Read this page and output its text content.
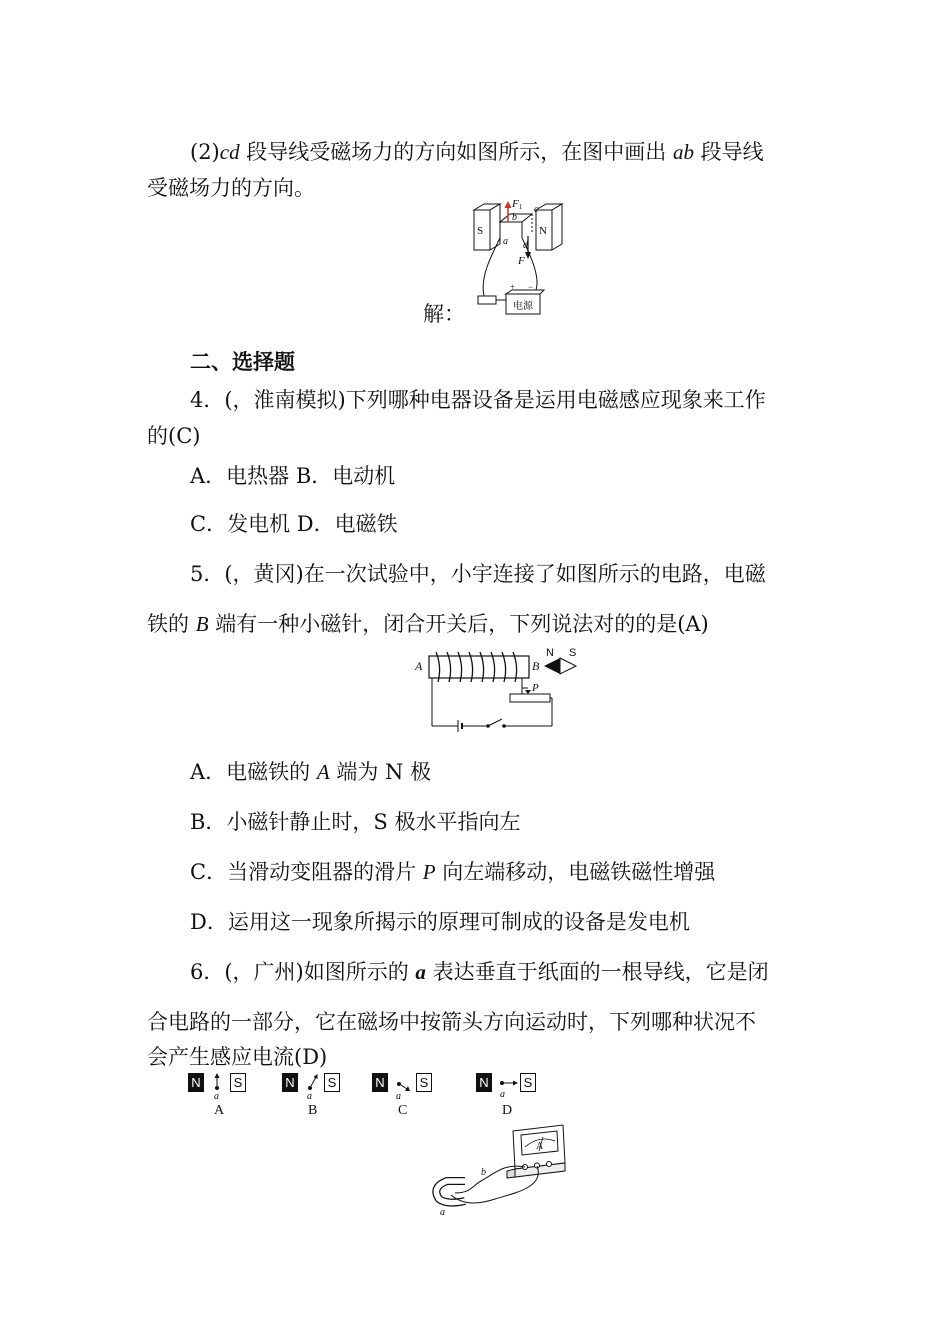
(2)cd 段导线受磁场力的方向如图所示，在图中画出 ab 段导线
受磁场力的方向。
S	N
F1
b
c
a d
F
+ −
电源
解：
二、选择题
4．(，淮南模拟)下列哪种电器设备是运用电磁感应现象来工作
的(C)
A．电热器 B．电动机
C．发电机 D．电磁铁
5．(，黄冈)在一次试验中，小宇连接了如图所示的电路，电磁
铁的 B 端有一种小磁针，闭合开关后，下列说法对的的是(A)
A	B
N S
P
A．电磁铁的 A 端为 N 极
B．小磁针静止时，S 极水平指向左
C．当滑动变阻器的滑片 P 向左端移动，电磁铁磁性增强
D．运用这一现象所揭示的原理可制成的设备是发电机
6．(，广州)如图所示的 a 表达垂直于纸面的一根导线，它是闭
合电路的一部分，它在磁场中按箭头方向运动时，下列哪种状况不
会产生感应电流(D)
N
a
S
A
N
a
S
B
N
a
S
C
N
a
S
D
A
b
a
